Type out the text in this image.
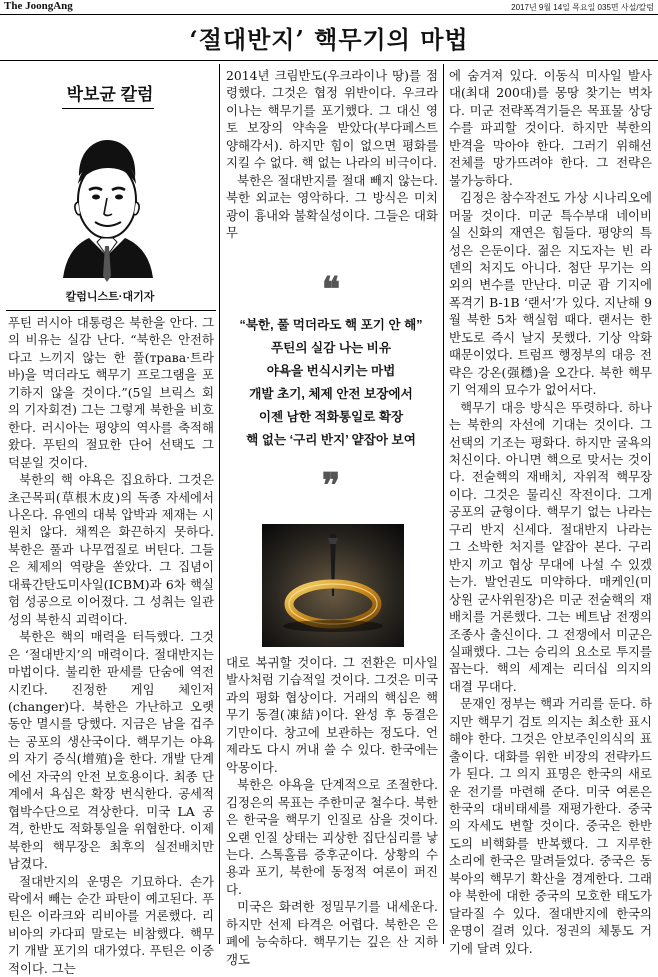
The JoongAng	2017년 9월 14일 목요일 035면 사설/칼럼
‘절대반지’ 핵무기의 마법
박보균 칼럼
칼럼니스트·대기자

푸틴 러시아 대통령은 북한을 안다. 그의 비유는 실감 난다. “북한은 안전하다고 느끼지 않는 한 풀(трава·트라바)을 먹더라도 핵무기 프로그램을 포기하지 않을 것이다.”(5일 브릭스 회의 기자회견) 그는 그렇게 북한을 비호한다. 러시아는 평양의 역사를 축적해 왔다. 푸틴의 절묘한 단어 선택도 그 덕분일 것이다.

북한의 핵 야욕은 집요하다. 그것은 초근목피(草根木皮)의 독종 자세에서 나온다. 유엔의 대북 압박과 제재는 시원치 않다. 채찍은 화끈하지 못하다. 북한은 풀과 나무껍질로 버틴다. 그들은 체제의 역량을 쏟았다. 그 집념이 대륙간탄도미사일(ICBM)과 6차 핵실험 성공으로 이어졌다. 그 성취는 일관성의 북한식 괴력이다.

북한은 핵의 매력을 터득했다. 그것은 ‘절대반지’의 매력이다. 절대반지는 마법이다. 불리한 판세를 단숨에 역전시킨다. 진정한 게임 체인저(changer)다. 북한은 가난하고 오랫동안 멸시를 당했다. 지금은 남을 겁주는 공포의 생산국이다. 핵무기는 야욕의 자기 증식(增殖)을 한다. 개발 단계에선 자국의 안전 보호용이다. 최종 단계에서 욕심은 확장 번식한다. 공세적 협박수단으로 격상한다. 미국 LA 공격, 한반도 적화통일을 위협한다. 이제 북한의 핵무장은 최후의 실전배치만 남겼다.

절대반지의 운명은 기묘하다. 손가락에서 빼는 순간 파탄이 예고된다. 푸틴은 이라크와 리비아를 거론했다. 리비아의 카다피 말로는 비참했다. 핵무기 개발 포기의 대가였다. 푸틴은 이중적이다. 그는

2014년 크림반도(우크라이나 땅)를 점령했다. 그것은 협정 위반이다. 우크라이나는 핵무기를 포기했다. 그 대신 영토 보장의 약속을 받았다(부다페스트 양해각서). 하지만 힘이 없으면 평화를 지킬 수 없다. 핵 없는 나라의 비극이다.

북한은 절대반지를 절대 빼지 않는다. 북한 외교는 영악하다. 그 방식은 미치광이 흉내와 불확실성이다. 그들은 대화 무

❝
“북한, 풀 먹더라도 핵 포기 안 해”
푸틴의 실감 나는 비유
야욕을 번식시키는 마법
개발 초기, 체제 안전 보장에서
이젠 남한 적화통일로 확장
핵 없는 ‘구리 반지’ 얕잡아 보여
❞

대로 복귀할 것이다. 그 전환은 미사일 발사처럼 기습적일 것이다. 그것은 미국과의 평화 협상이다. 거래의 핵심은 핵무기 동결(凍結)이다. 완성 후 동결은 기만이다. 창고에 보관하는 정도다. 언제라도 다시 꺼내 쓸 수 있다. 한국에는 악몽이다.

북한은 야욕을 단계적으로 조절한다. 김정은의 목표는 주한미군 철수다. 북한은 한국을 핵무기 인질로 삼을 것이다. 오랜 인질 상태는 괴상한 집단심리를 낳는다. 스톡홀름 증후군이다. 상황의 수용과 포기, 북한에 동정적 여론이 퍼진다.

미국은 화려한 정밀무기를 내세운다. 하지만 선제 타격은 어렵다. 북한은 은폐에 능숙하다. 핵무기는 깊은 산 지하 갱도

에 숨겨져 있다. 이동식 미사일 발사대(최대 200대)를 몽땅 찾기는 벅차다. 미군 전략폭격기들은 목표물 상당수를 파괴할 것이다. 하지만 북한의 반격을 막아야 한다. 그러기 위해선 전체를 망가뜨려야 한다. 그 전략은 불가능하다.

김정은 참수작전도 가상 시나리오에 머물 것이다. 미군 특수부대 네이비 실 신화의 재연은 힘들다. 평양의 특성은 은둔이다. 젊은 지도자는 빈 라덴의 처지도 아니다. 첨단 무기는 의외의 변수를 만난다. 미군 괌 기지에 폭격기 B-1B ‘랜서’가 있다. 지난해 9월 북한 5차 핵실험 때다. 랜서는 한반도로 즉시 날지 못했다. 기상 악화 때문이었다. 트럼프 행정부의 대응 전략은 강온(强穩)을 오간다. 북한 핵무기 억제의 묘수가 없어서다.

핵무기 대응 방식은 뚜렷하다. 하나는 북한의 자선에 기대는 것이다. 그 선택의 기조는 평화다. 하지만 굴욕의 처신이다. 아니면 핵으로 맞서는 것이다. 전술핵의 재배치, 자위적 핵무장이다. 그것은 물리신 작전이다. 그게 공포의 균형이다. 핵무기 없는 나라는 구리 반지 신세다. 절대반지 나라는 그 소박한 처지를 얕잡아 본다. 구리 반지 끼고 협상 무대에 나설 수 있겠는가. 발언권도 미약하다. 매케인(미 상원 군사위원장)은 미군 전술핵의 재배치를 거론했다. 그는 베트남 전쟁의 조종사 출신이다. 그 전쟁에서 미군은 실패했다. 그는 승리의 요소로 투지를 꼽는다. 핵의 세계는 리더십 의지의 대결 무대다.

문재인 정부는 핵과 거리를 둔다. 하지만 핵무기 검토 의지는 최소한 표시해야 한다. 그것은 안보주인의식의 표출이다. 대화를 위한 비장의 전략카드가 된다. 그 의지 표명은 한국의 새로운 전기를 마련해 준다. 미국 여론은 한국의 대비태세를 재평가한다. 중국의 자세도 변할 것이다. 중국은 한반도의 비핵화를 반복했다. 그 지루한 소리에 한국은 말려들었다. 중국은 동북아의 핵무기 확산을 경계한다. 그래야 북한에 대한 중국의 모호한 태도가 달라질 수 있다. 절대반지에 한국의 운명이 걸려 있다. 정권의 체통도 거기에 달려 있다.
